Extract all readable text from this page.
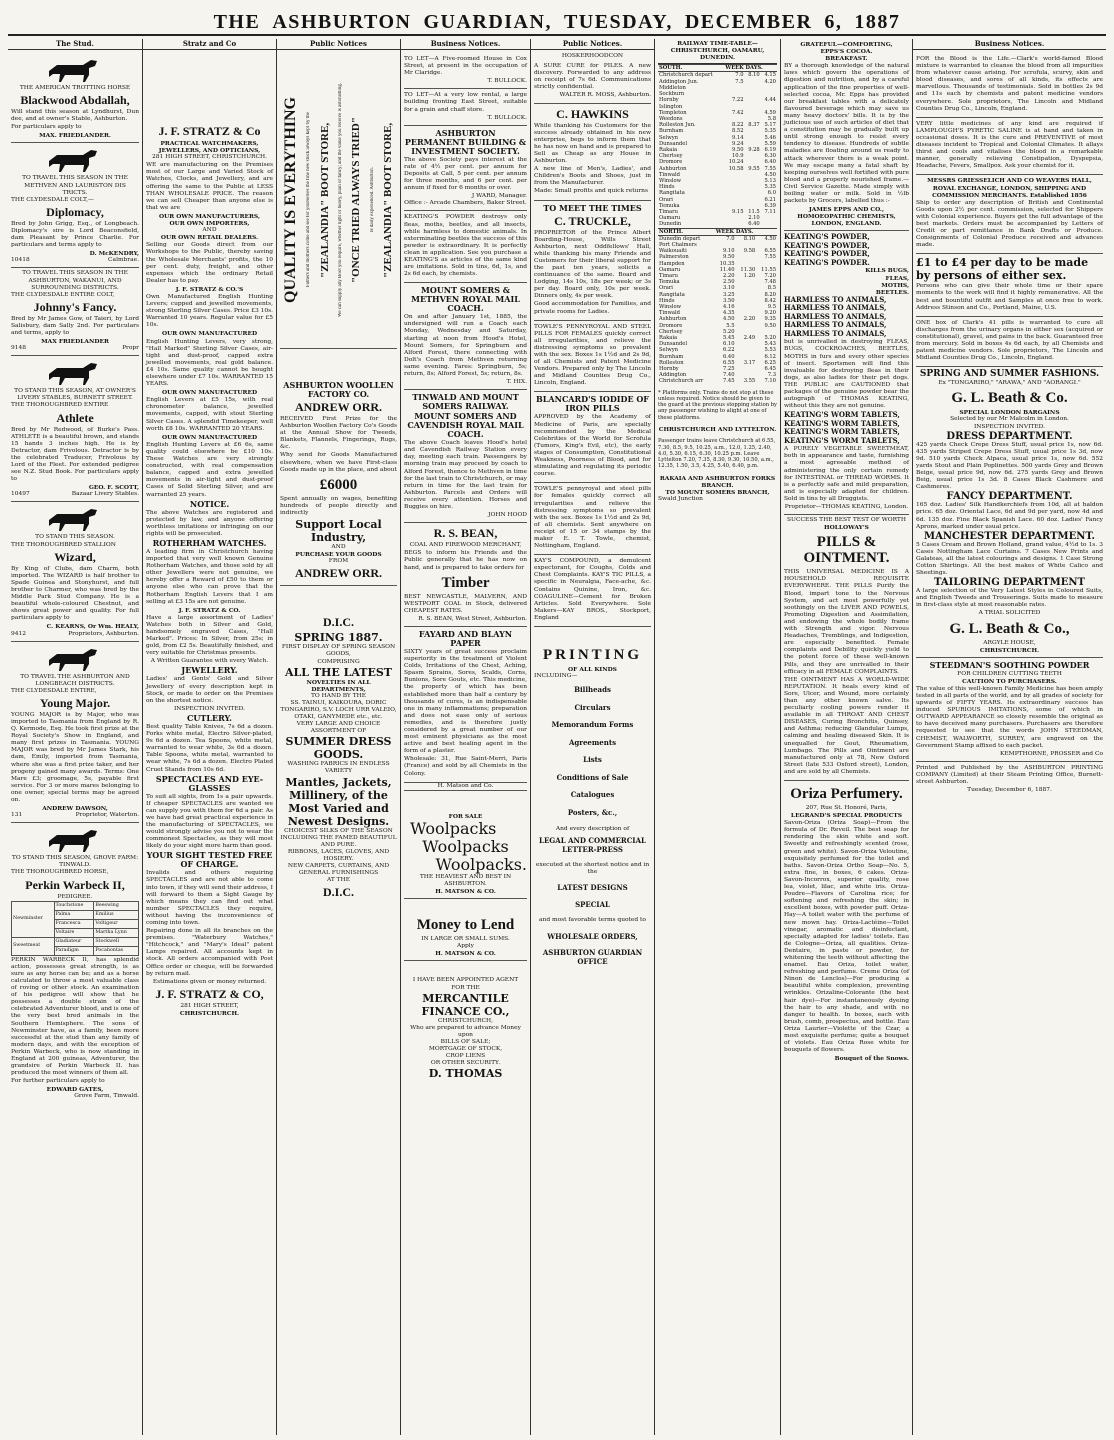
THE ASHBURTON GUARDIAN, TUESDAY, DECEMBER 6, 1887
The Stud.
THE AMERICAN TROTTING HORSE
Blackwood Abdallah,

Will stand this season at Lyndhurst, Dun dee, and at owner's Stable, Ashburton.

For particulars apply to

MAX. FRIEDLANDER.
TO TRAVEL THIS SEASON IN THE METHVEN AND LAURISTON DIS TRICTS.
THE CLYDESDALE COLT,—
Diplomacy,

Bred by John Grigg, Esq., of Longbeach. Diplomacy's sire is Lord Beaconsfield, dam Pleasant by Prince Charlie. For particulars and terms apply to

D. McKENDRY,
10418	Calmbrae.
TO TRAVEL THIS SEASON IN THE ASHBURTON, WAKANUI, AND SURROUNDING DISTRICTS.
THE CLYDESDALE ENTIRE COLT,
Johnny's Fancy.

Bred by Mr James Gow, of Taieri, by Lord Salisbury, dam Sally 2nd. For particulars and terms, apply to

MAX FRIEDLANDER
9148	Propr
TO STAND THIS SEASON, AT OWNER'S LIVERY STABLES, BURNETT STREET.
THE THOROUGHBRED ENTIRE
Athlete

Bred by Mr Redwood, of Burke's Pass. ATHLETE is a beautiful brown, and stands 15 hands 3 inches high. He is by Detractor, dam Frivolous. Detractor is by the celebrated Traducer, Frivolous by Lord of the Fleet. For extended pedigree see N.Z. Stud Book. For particulars apply to

GEO. F. SCOTT,
10497	Bazaar Livery Stables.
TO STAND THIS SEASON.
THE THOROUGHBRED STALLION
Wizard,

By King of Clubs, dam Charm, both imported. The WIZARD is half brother to Spade Guinea and Stonyhurst, and full brother to Charmer, who was bred by the Middle Park Stud Company. He is a beautiful whole-coloured Chestnut, and shows great power and quality. For full particulars apply to

C. KEARNS, Or Wm. HEALY,
9412	Proprietors, Ashburton.
TO TRAVEL THE ASHBURTON AND LONGBEACH DISTRICTS.
THE CLYDESDALE ENTIRE,
Young Major.

YOUNG MAJOR is by Major, who was imported to Tasmania from England by R. Q. Kermode, Esq. He took first prize at the Royal Society's Show in England, and many first prizes in Tasmania. YOUNG MAJOR was bred by Mr James Stark, his dam, Emily, imported from Tasmania, where she was a first prize taker, and her progeny gained many awards. Terms: One Mare £3; groomage, 5s, payable first service. For 3 or more mares belonging to one owner, special terms may be agreed on.

ANDREW DAWSON,
131	Proprietor, Waterton.
TO STAND THIS SEASON, GROVE FARM: TINWALD.
THE THOROUGHBRED HORSE,
Perkin Warbeck II,
PEDIGREE.
Newminster	Touchstone	Beeswing
	Palma	Emilius
	Francesca	Voltigeur
	Voltaire	Martha Lynn
Sweetmeat	Gladiateur	Stockwell
	Paradigm	Pocahontas

PERKIN WARBECK II, has splendid action, possesses great strength, is as sure as any horse can be; and as a horse calculated to throw a most valuable class of roving or other stock. An examination of his pedigree will show that he possesses a double strain of the celebrated Adventurer blood, and is one of the very best bred animals in the Southern Hemisphere. The sons of Newminster have, as a family, been more successful at the stud than any family of modern days, and with the exception of Perkin Warbeck, who is now standing in England at 200 guineas, Adventurer, the grandsire of Perkin Warbeck II. has produced the most winners of them all.

For further particulars apply to

EDWARD GATES,
Grove Farm, Tinwald.
Stratz and Co
J. F. STRATZ & Co
PRACTICAL WATCHMAKERS, JEWELLERS, AND OPTICIANS,
281 HIGH STREET, CHRISTCHURCH.

WE are manufacturing on the Premises most of our Large and Varied Stock of Watches, Clocks, and Jewellery, and are offering the same to the Public at LESS THAN WHOLESALE PRICE. The reason we can sell Cheaper than anyone else is that we are

OUR OWN MANUFACTURERS,
OUR OWN IMPORTERS,
AND
OUR OWN RETAIL DEALERS.

Selling our Goods direct from our Workshops to the Public, thereby saving the Wholesale Merchants' profits, the 10 per cent. duty, freight, and other expenses which the ordinary Retail Dealer has to pay.

J. F. STRATZ & CO.'S

Own Manufactured English Hunting Levers; cupped and jewelled movements, strong Sterling Silver Cases. Price £3 10s. Warranted 10 years. Regular value for £5 10s.

OUR OWN MANUFACTURED

English Hunting Levers, very strong, "Hall Marked" Sterling Silver Cases, air-tight and dust-proof, capped extra jewelled movements, real gold balance. £4 10s. Same quality cannot be bought elsewhere under £7 10s. WARRANTED 15 YEARS.

OUR OWN MANUFACTURED

English Levers at £5 15s, with real chronometer balance, jewelled movements, capped, with stout Sterling Silver Cases. A splendid Timekeeper, well worth £8 10s. WARRANTED 20 YEARS.

OUR OWN MANUFACTURED

English Hunting Levers at £6 6s, same quality could elsewhere be £10 10s. These Watches are very strongly constructed, with real compensation balance, capped and extra jewelled movements in air-tight and dust-proof Cases of Solid Sterling Silver, and are warranted 25 years.

NOTICE.

The above Watches are registered and protected by law, and anyone offering worthless imitations or infringing on our rights will be prosecuted.

ROTHERHAM WATCHES.

A leading firm in Christchurch having imported that very well known Genuine Rotherham Watches, and those sold by all other Jewellers were not genuine, we hereby offer a Reward of £50 to them or anyone else who can prove that the Rotherham English Levers that I am selling at £3 15s are not genuine.

J. F. STRATZ & CO.

Have a large assortment of Ladies' Watches both in Silver and Gold, handsomely engraved Cases, "Hall Marked". Prices: In Silver, from 25s; in gold, from £2 5s. Beautifully finished, and very suitable for Christmas presents.

A Written Guarantee with every Watch.
JEWELLERY.

Ladies' and Gents' Gold and Silver Jewellery of every description kept in Stock, or made to order on the Premises on the shortest notice.

INSPECTION INVITED.
CUTLERY.

Best quality Table Knives, 7s 6d a dozen. Forks white metal, Electro Silver-plated, 9s 6d a dozen. Tea Spoons, white metal, warranted to wear white, 3s 6d a dozen. Table Spoons, white metal, warranted to wear white, 7s 6d a dozen. Electro Plated Cruet Stands from 10s 6d.

SPECTACLES AND EYE-GLASSES

To suit all sights, from 1s a pair upwards. If cheaper SPECTACLES are wanted we can supply you with them for 6d a pair. As we have had great practical experience in the manufacturing of SPECTACLES, we would strongly advise you not to wear the commonest Spectacles, as they will most likely do your sight more harm than good.

YOUR SIGHT TESTED FREE OF CHARGE.

Invalids and others requiring SPECTACLES and are not able to come into town, if they will send their address, I will forward to them a Sight Gauge by which means they can find out what number SPECTACLES they require, without having the inconvenience of coming into town.

Repairing done in all its branches on the premises. "Waterbury Watches," "Hitchcock," and "Mary's Ideal" patent Lamps repaired. All accounts kept in stock. All orders accompanied with Post Office order or cheque, will be forwarded by return mail.

Estimations given or money returned.
J. F. STRATZ & CO,
281 HIGH STREET,
CHRISTCHURCH.
Public Notices
QUALITY IS EVERYTHING Fathers and mothers come and see for yourselves the fine new stock always kept by the "ZEALANDIA" BOOT STORE, We can supply any Boot you require, whether light or heavy, plain or fancy; and the value you receive is astonishing. "ONCE TRIED ALWAYS TRIED" Is daily experienced. Ashburton. "ZEALANDIA" BOOT STORE,
ASHBURTON WOOLLEN FACTORY CO.
ANDREW ORR.

RECEIVED First Prize for the Ashburton Woollen Factory Co's Goods at the Annual Show for Tweeds, Blankets, Flannels, Fingerings, Rugs, &c.

Why send for Goods Manufactured elsewhere, when we have First-class Goods made up in the place, and about

£6000

Spent annually on wages, benefiting hundreds of people directly and indirectly

Support Local Industry,
AND
PURCHASE YOUR GOODS
FROM
ANDREW ORR.
D.I.C.
SPRING 1887.
FIRST DISPLAY OF SPRING SEASON GOODS,
COMPRISING
ALL THE LATEST
NOVELTIES IN ALL DEPARTMENTS,
TO HAND BY THE
SS. TAINUI, KAIKOURA, DORIC TONGARIRO, S.V. LOCH URR VALEIO, OTAKI, GANYMEDE etc., etc.
VERY LARGE AND CHOICE ASSORTMENT OF
SUMMER DRESS GOODS.
WASHING FABRICS IN ENDLESS VARIETY
Mantles, Jackets, Millinery, of the Most Varied and Newest Designs.
CHOICEST SILKS OF THE SEASON INCLUDING THE FAMED BEAUTIFUL AND PURE.
RIBBONS, LACES, GLOVES, AND HOSIERY.
NEW CARPETS, CURTAINS, AND GENERAL FURNISHINGS
AT THE
D.I.C.
Business Notices.

TO LET—A Five-roomed House in Cox Street, at present in the occupation of Mr Claridge.

T. BULLOCK.

TO LET—At a very low rental, a large building fronting East Street, suitable for a grain and chaff store.

T. BULLOCK.
ASHBURTON PERMANENT BUILDING & INVESTMENT SOCIETY.

The above Society pays interest at the rate of 4½ per cent. per annum for Deposits at Call, 5 per cent. per annum for three months, and 6 per cent. per annum if fixed for 6 months or over.

J WARD, Manager.
Office :- Arcade Chambers, Baker Street.

KEATING'S POWDER destroys only fleas, moths, beetles, and all insects, while harmless to domestic animals. In exterminating beetles the success of this powder is extraordinary. It is perfectly clean in application. See you purchase a KEATING'S as articles of the same kind are imitations. Sold in tins, 6d, 1s, and 2s 6d each, by chemists.

MOUNT SOMERS & METHVEN ROYAL MAIL COACH.

On and after January 1st, 1885, the undersigned will run a Coach each Monday, Wednesday and Saturday, starting at noon from Hood's Hotel, Mount Somers, for Springburn and Alford Forest, there connecting with Dolt's Coach from Methven returning same evening. Fares: Springburn, 5s; return, 8s; Alford Forest, 5s; return, 8s.

T. HIX.
TINWALD AND MOUNT SOMERS RAILWAY.
MOUNT SOMERS AND CAVENDISH ROYAL MAIL COACH.

The above Coach leaves Hood's hotel and Cavendish Railway Station every day, meeting each train. Passengers by morning train may proceed by coach to Alford Forest, thence to Methven in time for the last train to Christchurch, or may return in time for the last train for Ashburton. Parcels and Orders will receive every attention. Horses and Buggies on hire.

JOHN HOOD
R. S. BEAN,
COAL AND FIREWOOD MERCHANT,

BEGS to inform his Friends and the Public generally that he has now on hand, and is prepared to take orders for

Timber

BEST NEWCASTLE, MALVERN, AND WESTPORT COAL in Stock, delivered CHEAPEST RATES.

R. S. BEAN, West Street, Ashburton.
FAYARD AND BLAYN PAPER

SIXTY years of great success proclaim superiority in the treatment of Violent Colds, Irritations of the Chest, Aching, Spasm Sprains, Sores, Scalds, Corns, Bunions, Sore Gouts, etc. This medicine, the property of which has been established more than half a century by thousands of cures, is an indispensable one in many inflammations; preparation and does not ease only of serious remedies, and is therefore justly considered by a great number of our most eminent physicians as the most active and best healing agent in the form of a plaster.

Wholesale: 31, Rue Saint-Merri, Paris (France) and sold by all Chemists in the Colony.

H. Matson and Co.
FOR SALE
Woolpacks
Woolpacks
Woolpacks.
THE HEAVIEST AND BEST IN ASHBURTON.
H. MATSON & CO.
Money to Lend
IN LARGE OR SMALL SUMS.
Apply
H. MATSON & CO.
I HAVE BEEN APPOINTED AGENT
FOR THE
MERCANTILE FINANCE CO.,
CHRISTCHURCH,
Who are prepared to advance Money upon
BILLS OF SALE;
MORTGAGE OF STOCK,
CROP LIENS
OR OTHER SECURITY.
D. THOMAS
Public Notices.
HOSKERHOODCON

A SURE CURE for PILES. A new discovery. Forwarded to any address on receipt of 7s 6d. Communications strictly confidential.

WALTER R. MOSS, Ashburton.
C. HAWKINS

While thanking his Customers for the success already obtained in his new enterprise, begs to inform them that he has now on hand and is prepared to Sell as Cheap as any House in Ashburton.

A new line of Men's, Ladies', and Children's Boots and Shoes, just in from the Manufacturer.

Made: Small profits and quick returns

TO MEET THE TIMES
C. TRUCKLE,

PROPRIETOR of the Prince Albert Boarding-House, Wills Street Ashburton, next Oddfellows' Hall, while thanking his many Friends and Customers for their liberal support for the past ten years, solicits a continuance of the same. Board and Lodging, 14s 10s, 18s per week; or 3s per day. Board only, 10s per week. Dinners only, 4s per week.

Good accommodation for Families, and private rooms for Ladies.

TOWLE'S PENNYROYAL AND STEEL PILLS FOR FEMALES quickly correct all irregularities, and relieve the distressing symptoms so prevalent with the sex. Boxes 1s 1½d and 2s 9d, of all Chemists and Patent Medicine Vendors. Prepared only by The Lincoln and Midland Counties Drug Co., Lincoln, England.

BLANCARD'S IODIDE OF IRON PILLS

APPROVED by the Academy of Medicine of Paris, are specially recommended by the Medical Celebrities of the World for Scrofula (Tumors, King's Evil, etc), the early stages of Consumption, Constitutional Weakness, Poorness of Blood, and for stimulating and regulating its periodic course.

TOWLE'S pennyroyal and steel pills for females quickly correct all irregularities and relieve the distressing symptoms so prevalent with the sex. Boxes 1s 1½d and 2s 9d, of all chemists. Sent anywhere on receipt of 15 or 34 stamps by the maker E. T. Towle, chemist, Nottingham, England.

KAY'S COMPOUND, a demulcent expectorant, for Coughs, Colds and Chest Complaints. KAY'S TIC PILLS, a specific in Neuralgia, Face-ache, &c. Contains Quinine, Iron, &c. COAGULINE—Cement for Broken Articles. Sold Everywhere. Sole Makers—KAY BROS., Stockport, England

PRINTING
OF ALL KINDS
INCLUDING—
Billheads
Circulars
Memorandum Forms
Agreements
Lists
Conditions of Sale
Catalogues
Posters, &c.,
And every description of
LEGAL AND COMMERCIAL LETTER-PRESS
executed at the shortest notice and in the
LATEST DESIGNS
SPECIAL
and most favorable terms quoted to
WHOLESALE ORDERS,
ASHBURTON GUARDIAN OFFICE
RAILWAY TIME-TABLE—CHRISTCHURCH, OAMARU, DUNEDIN.
SOUTH.	WEEK DAYS.		
Christchurch depart	7.0	8.10	4.15
Addington Jun.	7.5		4.20
Middleton			
Sockburn			
Hornby	7.22		4.44
Islington			
Templeton	7.42		4.59
Weedons			5.8
Rolleston Jun.	8.22	8.37	5.17
Burnham	8.52		5.35
Selwyn	9.14		5.46
Dunsandel	9.24		5.59
Rakaia	9.50	9.28	6.19
Chertsey	10.9		6.30
Dromore	10.24		6.40
Ashburton	10.58	9.55	7.55
Tinwald			4.50
Winslow			5.13
Hinds			5.35
Rangitata			6.0
Orari			6.21
Temuka			6.39
Timaru	9.15	11.5	7.11
Oamaru		2.10	
Dunedin		6.40	
NORTH.	WEEK DAYS.		
Dunedin depart	7.0	8.10	4.50
Port Chalmers			
Waikouaiti	9.10	9.58	6.55
Palmerston	9.50		7.55
Hampden	10.35		
Oamaru	11.40	11.30	11.55
Timaru	2.20	1.20	7.20
Temuka	2.50		7.48
Orari	3.10		8.5
Rangitata	3.25		8.20
Hinds	3.50		8.42
Winslow	4.16		9.5
Tinwald	4.35		9.20
Ashburton	4.50	2.20	9.35
Dromore	5.5		9.50
Chertsey	5.20		
Rakaia	5.45	2.49	5.20
Dunsandel	6.10		5.43
Selwyn	6.22		5.53
Burnham	6.40		6.12
Rolleston	6.55	3.17	6.25
Hornby	7.25		6.45
Addington	7.40		7.3
Christchurch arr	7.45	3.55	7.10

* Platforms only. Trains do not stop at these unless required. Notice should be given to the guard at the previous stopping station by any passenger wishing to alight at one of these platforms.

CHRISTCHURCH AND LYTTELTON.

Passenger trains leave Christchurch at 6.55, 7.30, 8.5, 9.5, 10.25, a.m., 12.0, 1.25, 2.40, 4.0, 5.30, 6.15, 6.30, 10.25 p.m. Leave Lyttelton 7.20, 7.35, 8.30, 9.30, 10.50, a.m., 12.35, 1.50, 3.5, 4.25, 5.40, 6.40, p.m.

RAKAIA AND ASHBURTON FORKS BRANCH.
TO MOUNT SOMERS BRANCH,
Swald Junction
GRATEFUL—COMFORTING,
EPPS'S COCOA.
BREAKFAST.

BY a thorough knowledge of the natural laws which govern the operations of digestion and nutrition, and by a careful application of the fine properties of well-selected cocoa, Mr. Epps has provided our breakfast tables with a delicately flavoured beverage which may save us many heavy doctors' bills. It is by the judicious use of such articles of diet that a constitution may be gradually built up until strong enough to resist every tendency to disease. Hundreds of subtle maladies are floating around us ready to attack wherever there is a weak point. We may escape many a fatal shaft by keeping ourselves well fortified with pure blood and a properly nourished frame.—Civil Service Gazette. Made simply with boiling water or milk. Sold in ½lb packets by Grocers, labelled thus :-

JAMES EPPS AND CO., HOMOEOPATHIC CHEMISTS, LONDON, ENGLAND.
KEATING'S POWDER,
KEATING'S POWDER,
KEATING'S POWDER,
KEATING'S POWDER.
KILLS BUGS,
FLEAS,
MOTHS,
BEETLES.
HARMLESS TO ANIMALS,
HARMLESS TO ANIMALS,
HARMLESS TO ANIMALS,
HARMLESS TO ANIMALS,
HARMLESS TO ANIMALS,

but is unrivalled in destroying FLEAS, BUGS, COCKROACHES, BEETLES, MOTHS in furs and every other species of insect. Sportsmen will find this invaluable for destroying fleas in their dogs, as also ladies for their pet dogs. THE PUBLIC are CAUTIONED that packages of the genuine powder bear the autograph of THOMAS KEATING, without this they are not genuine.

KEATING'S WORM TABLETS,
KEATING'S WORM TABLETS,
KEATING'S WORM TABLETS,
KEATING'S WORM TABLETS,

A PURELY VEGETABLE SWEETMEAT, both in appearance and taste, furnishing a most agreeable method of administering the only certain remedy for INTESTINAL or THREAD WORMS. It is a perfectly safe and mild preparation, and is especially adapted for children. Sold in tins by all Druggists.

Proprietor—THOMAS KEATING, London.
SUCCESS THE BEST TEST OF WORTH
HOLLOWAY'S
PILLS & OINTMENT.

THIS UNIVERSAL MEDICINE IS A HOUSEHOLD REQUISITE EVERYWHERE. THE PILLS Purify the Blood, impart tone to the Nervous System, and act most powerfully yet soothingly on the LIVER AND POWELS, Promoting Digestion and Assimilation, and endowing the whole bodily frame with Strength and vigor. Nervous Headaches, Tremblings, and Indigestion, are especially benefited. Female complaints and Debility quickly yield to the potent force of these well-known Pills, and they are unrivalled in their efficacy in all FEMALE COMPLAINTS.

THE OINTMENT HAS A WORLD-WIDE REPUTATION. It heals every kind of Sore, Ulcer, and Wound, more certainly than any other known salve. Its peculiarly cooling powers render it available in all THROAT AND CHEST DISEASES, Curing Bronchitis, Quinsey, and Asthma; reducing Glandular Lumps, calming and healing diseased Skin. It is unequalled for Gout, Rheumatism, Lumbago. The Pills and Ointment are manufactured only at 78, New Oxford Street (late 533 Oxford street), London, and are sold by all Chemists.

Oriza Perfumery.
207, Rue St. Honoré, Paris,
LEGRAND'S SPECIAL PRODUCTS

Savon-Oriza (Oriza Soap)—From the formula of Dr. Reveil. The best soap for rendering the skin white and soft. Sweetly and refreshingly scented (rose, green and white). Savon-Oriza Veloutine, exquisitely perfumed for the toilet and baths. Savon-Oriza Ortho Soap—No. 5, extra fine, in boxes, 6 cakes. Oriza-Savon-Incorrox, superior quality, rose lea, violet, lilac, and white iris. Oriza-Poudre—Flavors of Carolina rice; for softening and refreshing the skin; in excellent boxes, with powder puff. Oriza-Hay—A toilet water with the perfume of new mown hay. Oriza-Lactéine—Toilet vinegar, aromatic and disinfectant, specially adapted for ladies' toilets. Eau de Cologne—Oriza, all qualities. Oriza-Dentaire, in paste or powder, for whitening the teeth without affecting the enamel. Eau Oriza, toilet water, refreshing and perfume. Creme Oriza (of Ninon de Lenclos)—For producing a beautiful white complexion, preventing wrinkles. Orizaline-Colorante (the best hair dye)—For instantaneously dyeing the hair to any shade, and with no danger to health. In boxes, each with brush, comb, prospectus, and bottle. Eau Oriza Laurier—Violette of the Czar, a most exquisite perfume; quite a bouquet of violets. Eau Oriza Rose white for bouquets of flowers.

Bouquet of the Snows.
Business Notices.

FOR the Blood is the Life.—Clark's world-famed Blood mixture is warranted to cleanse the blood from all impurities from whatever cause arising. For scrofula, scurvy, skin and blood diseases, and sores of all kinds, its effects are marvellous. Thousands of testimonials. Sold in bottles 2s 9d and 11s each by chemists and patent medicine vendors everywhere. Sole proprietors, The Lincoln and Midland Counties Drug Co., Lincoln, England.

VERY little medicines of any kind are required if LAMPLOUGH'S PYRETIC SALINE is at hand and taken in occasional doses. It is the cure and PREVENTIVE of most diseases incident to Tropical and Colonial Climates. It allays thirst and cools and vitalises the blood in a remarkable manner, generally relieving Constipation, Dyspepsia, Headache, Fevers, Smallpox. Ask your chemist for it.

MESSRS GRIESSELICH AND CO WEAVERS HALL, ROYAL EXCHANGE, LONDON, SHIPPING AND COMMISSION MERCHANTS. Established 1856

Ship to order any description of British and Continental Goods upon 2½ per cent. commission, selected for Shippers with Colonial experience. Buyers get the full advantage of the best markets. Orders must be accompanied by Letters of Credit or part remittance in Bank Drafts or Produce. Consignments of Colonial Produce received and advances made.

£1 to £4 per day to be made by persons of either sex.

Persons who can give their whole time or their spare moments to the work will find it highly remunerative. All the best and bountiful outfit and Samples at once free to work. Address Stinson and Co., Portland, Maine, U.S.

ONE box of Clark's 41 pills is warranted to cure all discharges from the urinary organs in either sex (acquired or constitutional), gravel, and pains in the back. Guaranteed free from mercury. Sold in boxes 4s 6d each, by all Chemists and patent medicine vendors. Sole proprietors, The Lincoln and Midland Counties Drug Co., Lincoln, England.

SPRING AND SUMMER FASHIONS.
Ex "TONGARIRO," "ARAWA," AND "AORANGI."
G. L. Beath & Co.
SPECIAL LONDON BARGAINS
Selected by our Mr Malcolm in London.
INSPECTION INVITED.
DRESS DEPARTMENT.

425 yards Check Crepe Dress Stuff, usual price 1s, now 6d. 435 yards Striped Crepe Dress Stuff, usual price 1s 3d, now 9d. 510 yards Check Alpaca, usual price 1s, now 6d. 552 yards Stout and Plain Poplinettes. 500 yards Grey and Brown Beige, usual price 9d, now 6d. 275 yards Grey and Brown Beig, usual price 1s 3d. 8 Cases Black Cashmere and Cashmeres.

FANCY DEPARTMENT.

165 doz. Ladies' Silk Handkerchiefs from 10d, all at haldon price. 65 doz. Oriental Lace, 6d and 9d per yard, now 4d and 6d. 135 doz. Fine Black Spanish Lace. 60 doz. Ladies' Fancy Aprons, marked under usual price.

MANCHESTER DEPARTMENT.

5 Cases Cream and Brown Holland, grand value, 4½d to 1s. 3 Cases Nottingham Lace Curtains. 7 Cases New Prints and Galateas, all the latest colourings and designs. 1 Case Strong Cotton Shirtings. All the best makes of White Calico and Sheetings.

TAILORING DEPARTMENT

A large selection of the Very Latest Styles in Coloured Suits, and English Tweeds and Trouserings. Suits made to measure in first-class style at most reasonable rates.

A TRIAL SOLICITED
G. L. Beath & Co.,
ARGYLE HOUSE,
CHRISTCHURCH.
STEEDMAN'S SOOTHING POWDER
FOR CHILDREN CUTTING TEETH
CAUTION TO PURCHASERS.

The value of this well-known Family Medicine has been amply tested in all parts of the world, and by all grades of society for upwards of FIFTY YEARS. Its extraordinary success has induced SPURIOUS IMITATIONS, some of which in OUTWARD APPEARANCE so closely resemble the original as to have deceived many purchasers. Purchasers are therefore requested to see that the words JOHN STEEDMAN, CHEMIST, WALWORTH, SURREY, are engraved on the Government Stamp affixed to each packet.

KEMPTHORNE, PROSSER and Co

Printed and Published by the ASHBURTON PRINTING COMPANY (Limited) at their Steam Printing Office, Burnett-street Ashburton.

Tuesday, December 6, 1887.
